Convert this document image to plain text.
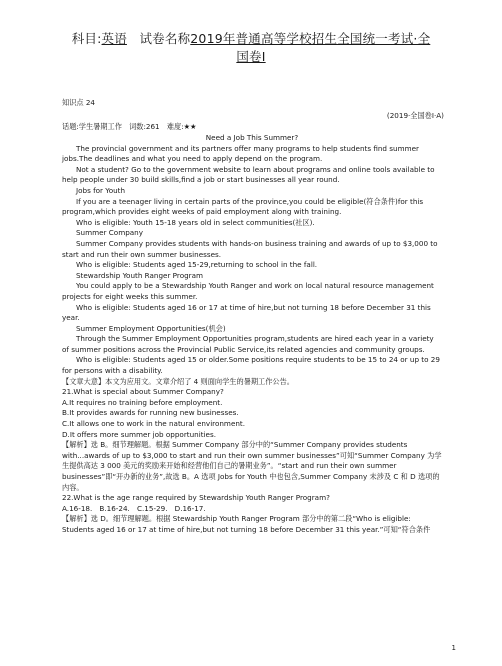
科目:英语 试卷名称2019年普通高等学校招生全国统一考试·全
国卷Ⅰ
知识点 24
(2019·全国卷Ⅰ·A)
话题:学生暑期工作　词数:261　难度:★★

Need a Job This Summer?

The provincial government and its partners offer many programs to help students find summer jobs.The deadlines and what you need to apply depend on the program.

Not a student? Go to the government website to learn about programs and online tools available to help people under 30 build skills,find a job or start businesses all year round.

Jobs for Youth

If you are a teenager living in certain parts of the province,you could be eligible(符合条件)for this program,which provides eight weeks of paid employment along with training.

Who is eligible: Youth 15-18 years old in select communities(社区).

Summer Company

Summer Company provides students with hands-on business training and awards of up to $3,000 to start and run their own summer businesses.

Who is eligible: Students aged 15-29,returning to school in the fall.

Stewardship Youth Ranger Program

You could apply to be a Stewardship Youth Ranger and work on local natural resource management projects for eight weeks this summer.

Who is eligible: Students aged 16 or 17 at time of hire,but not turning 18 before December 31 this year.

Summer Employment Opportunities(机会)

Through the Summer Employment Opportunities program,students are hired each year in a variety of summer positions across the Provincial Public Service,its related agencies and community groups.

Who is eligible: Students aged 15 or older.Some positions require students to be 15 to 24 or up to 29 for persons with a disability.

【文章大意】本文为应用文。文章介绍了 4 则面向学生的暑期工作公告。

21.What is special about Summer Company?

A.It requires no training before employment.

B.It provides awards for running new businesses.

C.It allows one to work in the natural environment.

D.It offers more summer job opportunities.

【解析】选 B。细节理解题。根据 Summer Company 部分中的“Summer Company provides students with...awards of up to $3,000 to start and run their own summer businesses”可知“Summer Company 为学生提供高达 3 000 美元的奖励来开始和经营他们自己的暑期业务”。“start and run their own summer businesses”即“开办新的业务”,故选 B。A 选项 Jobs for Youth 中也包含,Summer Company 未涉及 C 和 D 选项的内容。

22.What is the age range required by Stewardship Youth Ranger Program?

A.16-18.　B.16-24.　C.15-29.　D.16-17.

【解析】选 D。细节理解题。根据 Stewardship Youth Ranger Program 部分中的第二段“Who is eligible: Students aged 16 or 17 at time of hire,but not turning 18 before December 31 this year.”可知“符合条件

1
